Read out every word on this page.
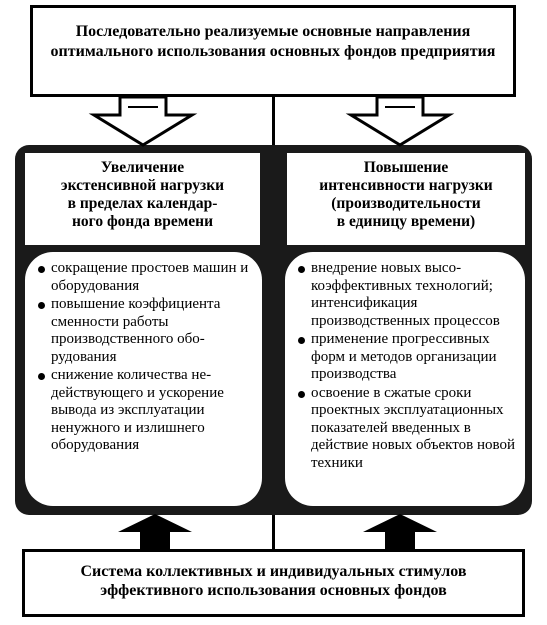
Последовательно реализуемые основные направления оптимального использования основных фондов предприятия
Увеличение
экстенсивной нагрузки
в пределах календар-
ного фонда времени
Повышение
интенсивности нагрузки
(производительности
в единицу времени)
сокращение простоев машин и оборудования
повышение коэффициента сменности работы производственного оборудования
снижение количества недействующего и ускорение вывода из эксплуатации ненужного и излишнего оборудования
внедрение новых высокоэффективных технологий; интенсификация производственных процессов
применение прогрессивных форм и методов организации производства
освоение в сжатые сроки проектных эксплуатационных показателей введенных в действие новых объектов новой техники
Система коллективных и индивидуальных стимулов эффективного использования основных фондов
